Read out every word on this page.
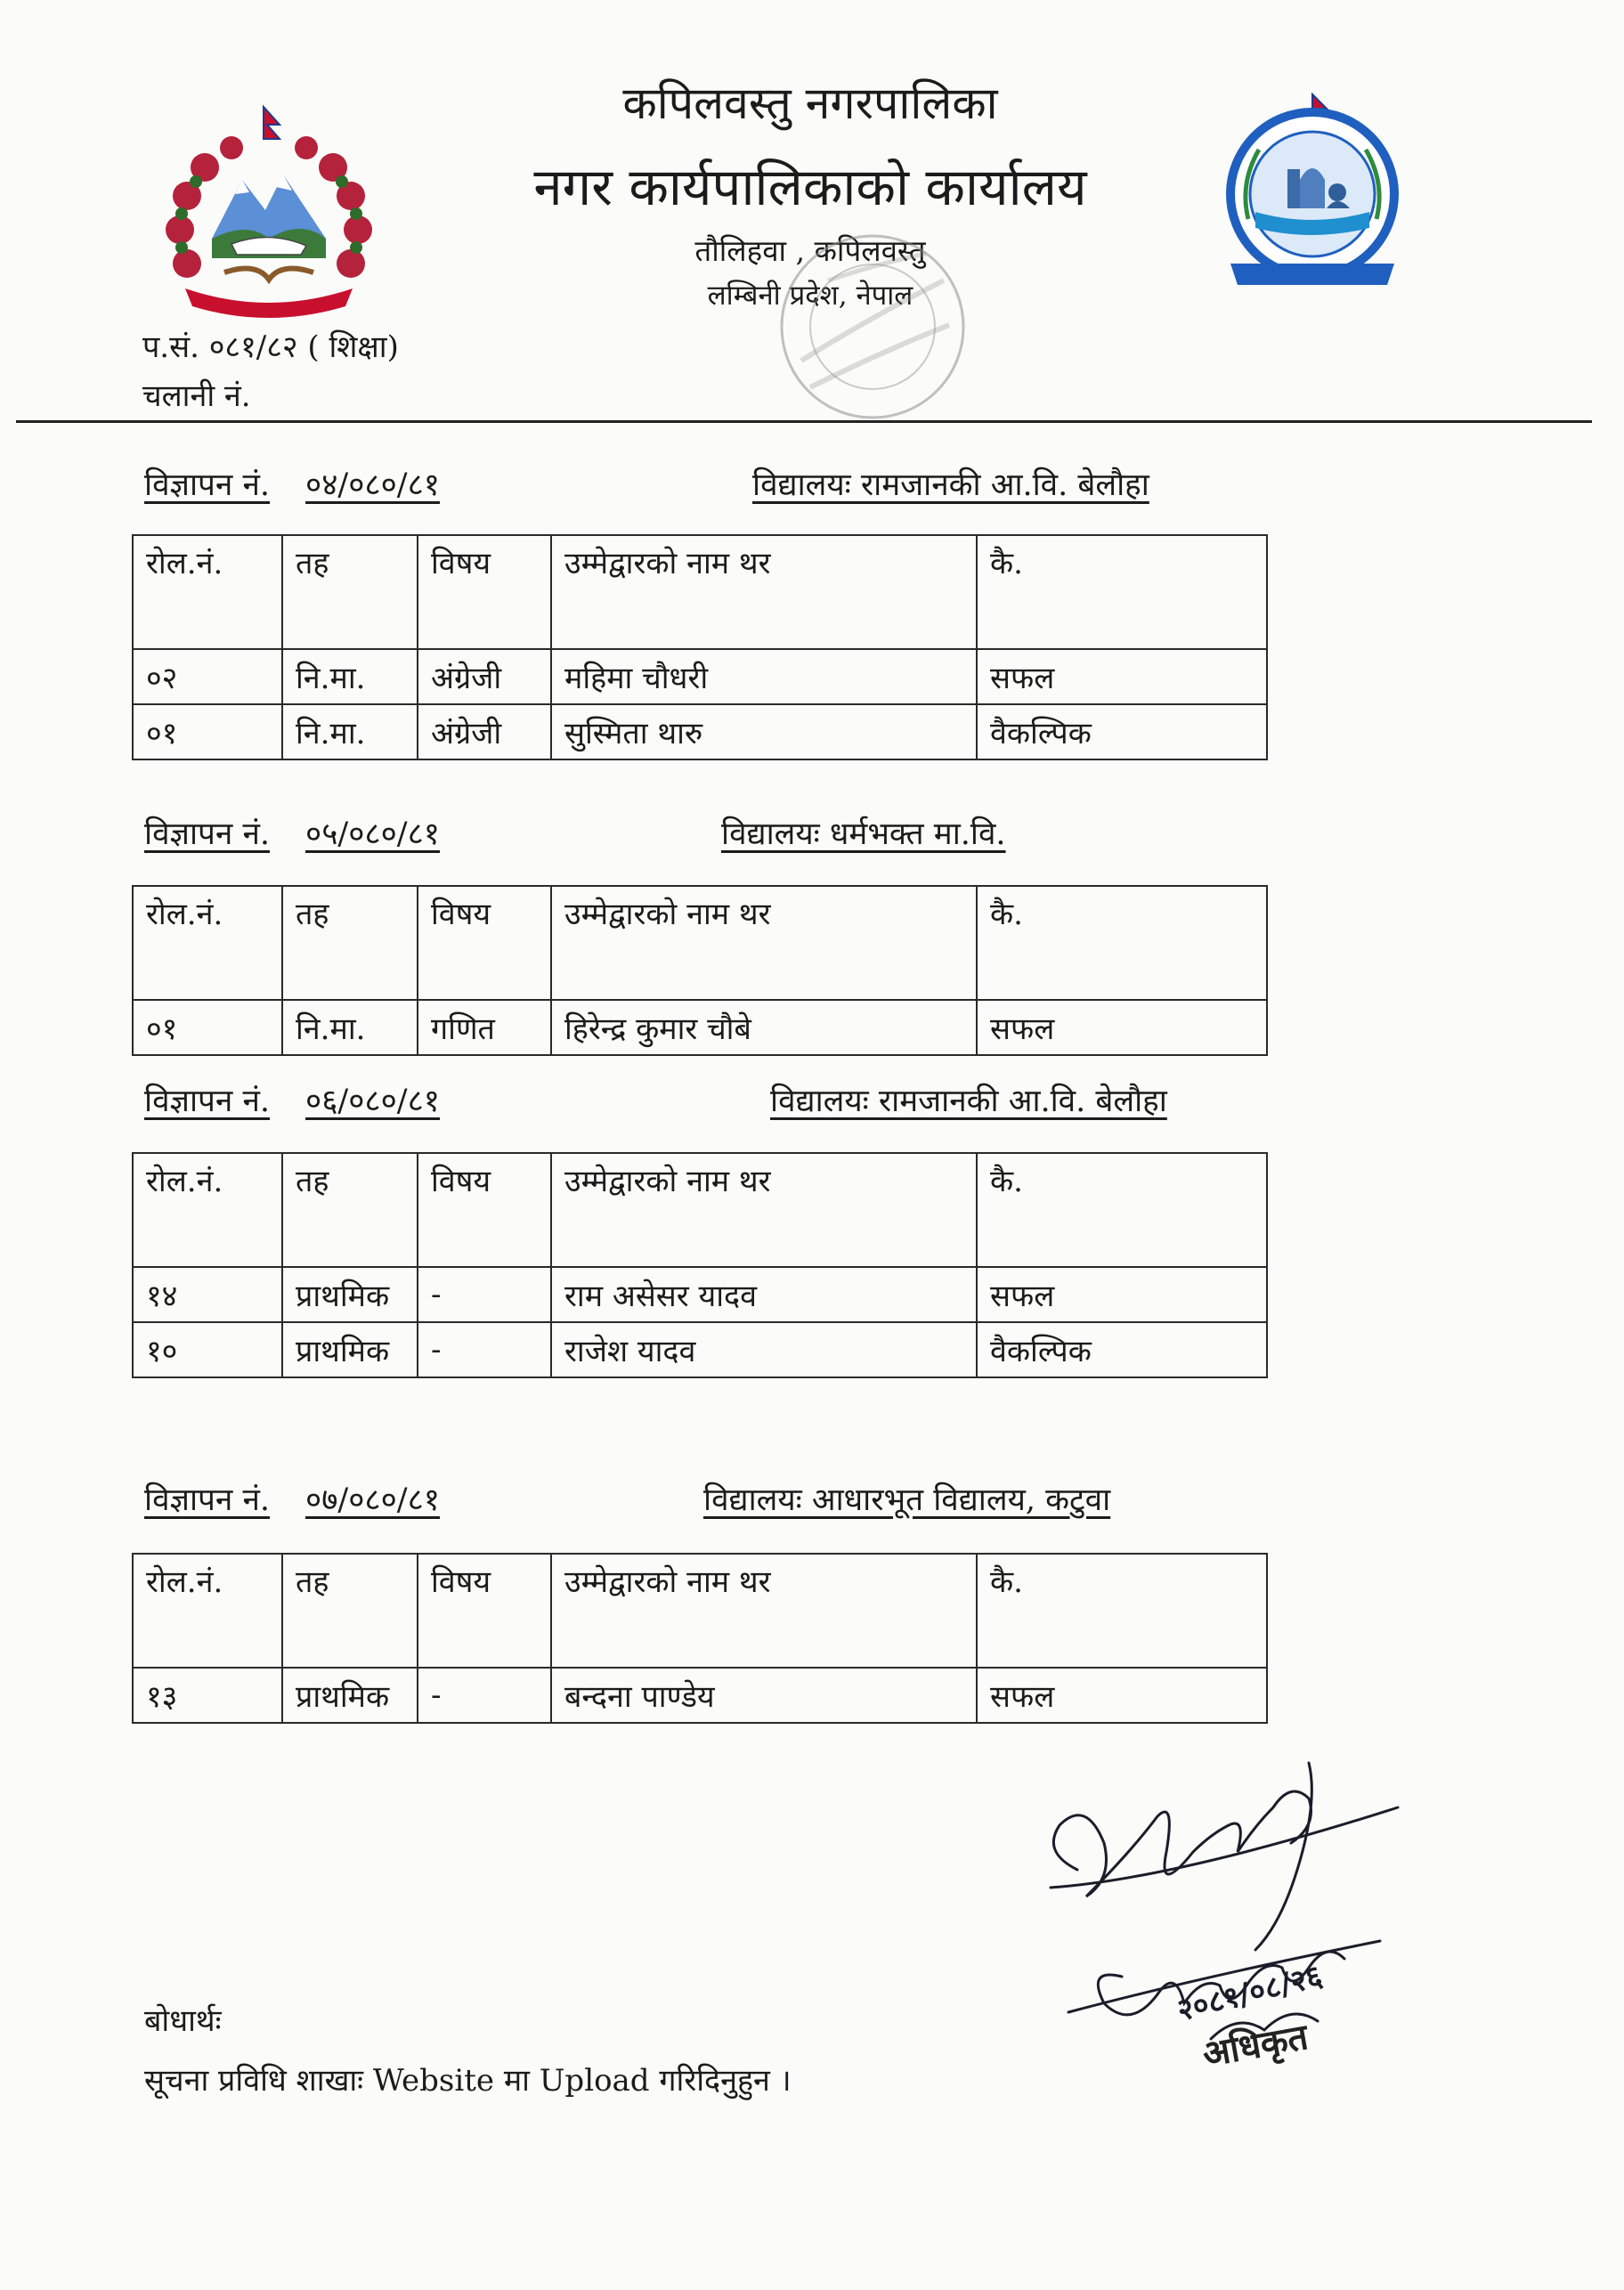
कपिलवस्तु नगरपालिका
नगर कार्यपालिकाको कार्यालय
तौलिहवा , कपिलवस्तु
लम्बिनी प्रदेश, नेपाल
प.सं. ०८१/८२ ( शिक्षा)
चलानी नं.
विज्ञापन नं. ०४/०८०/८१	विद्यालयः रामजानकी आ.वि. बेलौहा
रोल.नं.	तह	विषय	उम्मेद्वारको नाम थर	कै.
०२	नि.मा.	अंग्रेजी	महिमा चौधरी	सफल
०१	नि.मा.	अंग्रेजी	सुस्मिता थारु	वैकल्पिक
विज्ञापन नं. ०५/०८०/८१	विद्यालयः धर्मभक्त मा.वि.
रोल.नं.	तह	विषय	उम्मेद्वारको नाम थर	कै.
०१	नि.मा.	गणित	हिरेन्द्र कुमार चौबे	सफल
विज्ञापन नं. ०६/०८०/८१	विद्यालयः रामजानकी आ.वि. बेलौहा
रोल.नं.	तह	विषय	उम्मेद्वारको नाम थर	कै.
१४	प्राथमिक	-	राम असेसर यादव	सफल
१०	प्राथमिक	-	राजेश यादव	वैकल्पिक
विज्ञापन नं. ०७/०८०/८१	विद्यालयः आधारभूत विद्यालय, कटुवा
रोल.नं.	तह	विषय	उम्मेद्वारको नाम थर	कै.
१३	प्राथमिक	-	बन्दना पाण्डेय	सफल
२०८१/०८/२६
अधिकृत
बोधार्थः
सूचना प्रविधि शाखाः Website मा Upload गरिदिनुहुन ।
